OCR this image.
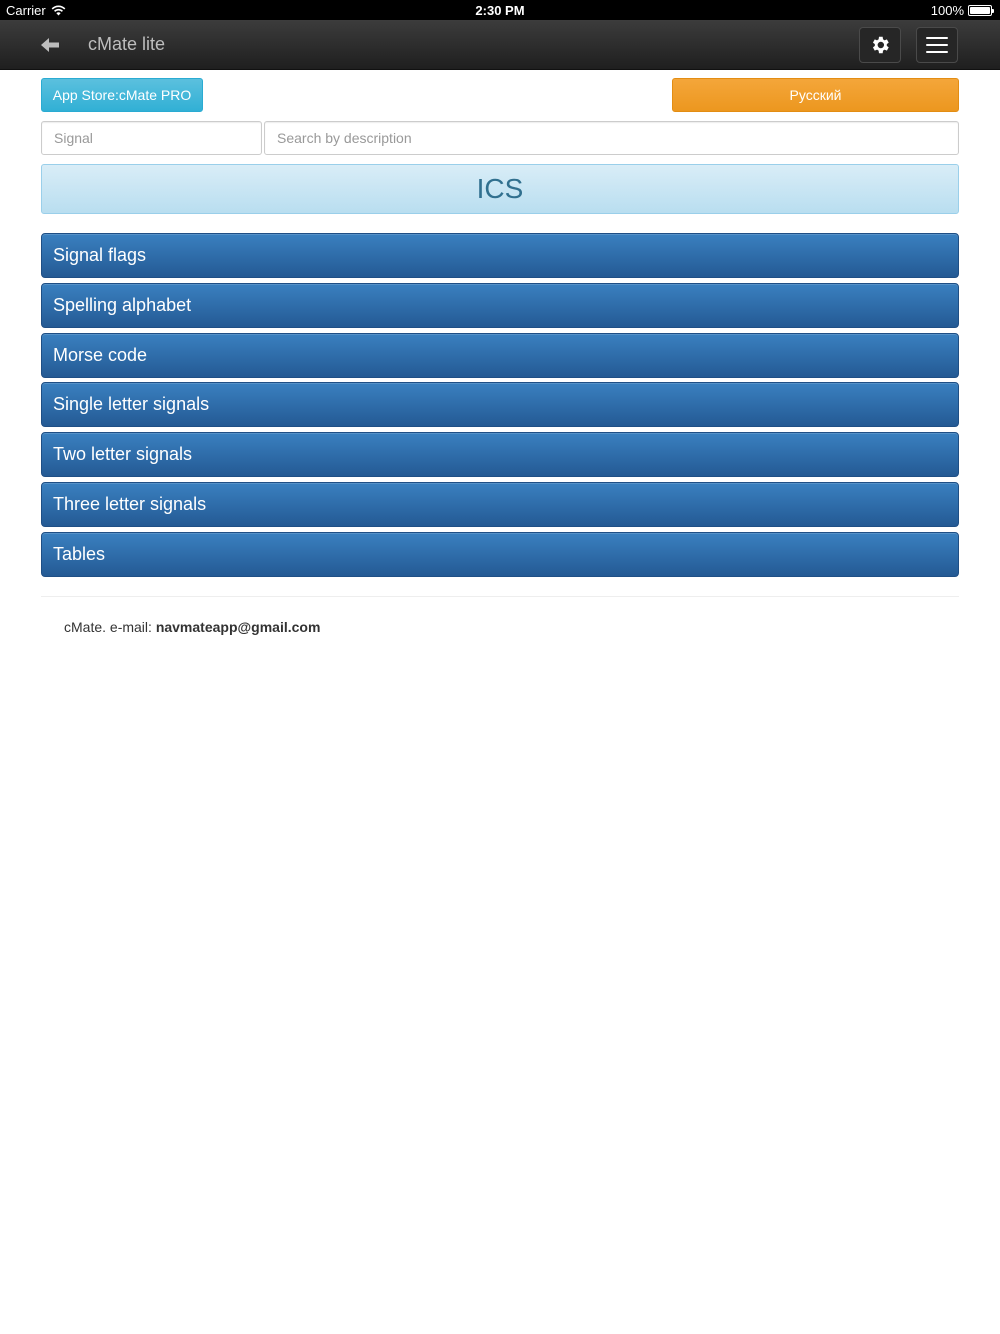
Carrier	2:30 PM	100%
cMate lite
App Store:cMate PRO	Русский
Signal
Search by description
ICS
Signal flags
Spelling alphabet
Morse code
Single letter signals
Two letter signals
Three letter signals
Tables
cMate. e-mail: navmateapp@gmail.com
